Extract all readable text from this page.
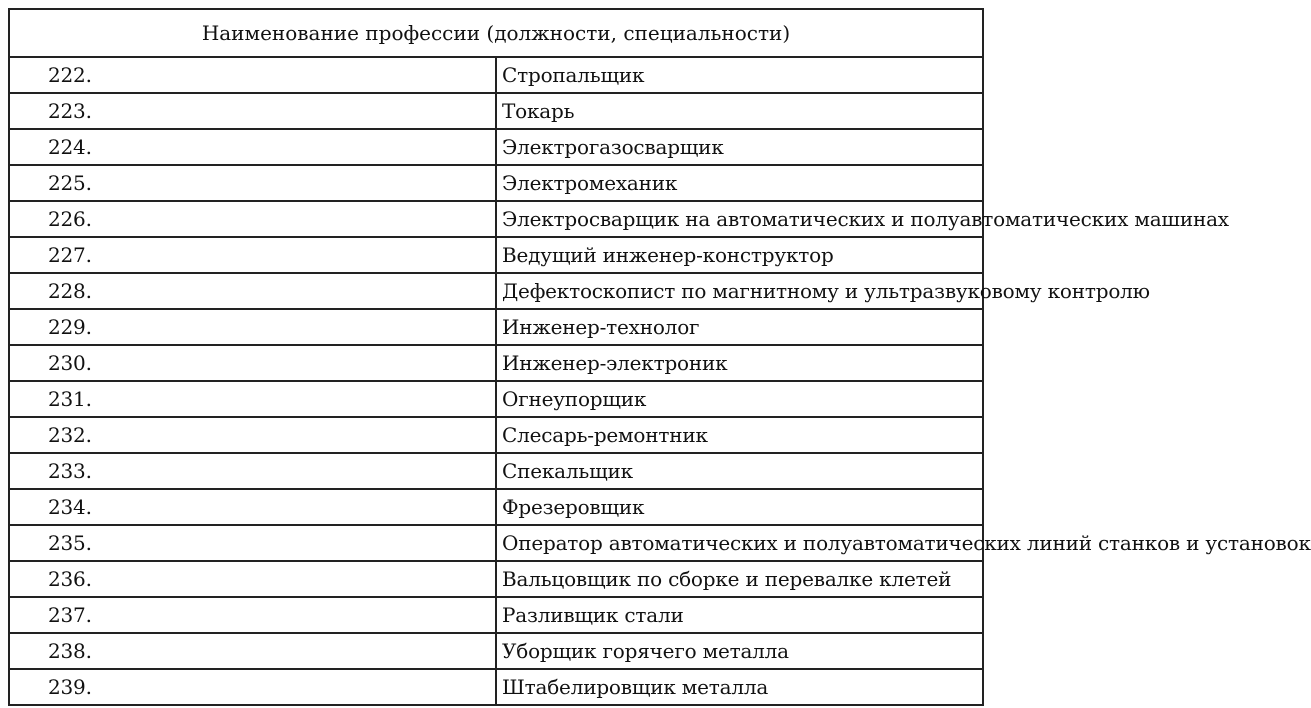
Наименование профессии (должности, специальности)	
222.	Стропальщик
223.	Токарь
224.	Электрогазосварщик
225.	Электромеханик
226.	Электросварщик на автоматических и полуавтоматических машинах
227.	Ведущий инженер-конструктор
228.	Дефектоскопист по магнитному и ультразвуковому контролю
229.	Инженер-технолог
230.	Инженер-электроник
231.	Огнеупорщик
232.	Слесарь-ремонтник
233.	Спекальщик
234.	Фрезеровщик
235.	Оператор автоматических и полуавтоматических линий станков и установок
236.	Вальцовщик по сборке и перевалке клетей
237.	Разливщик стали
238.	Уборщик горячего металла
239.	Штабелировщик металла
